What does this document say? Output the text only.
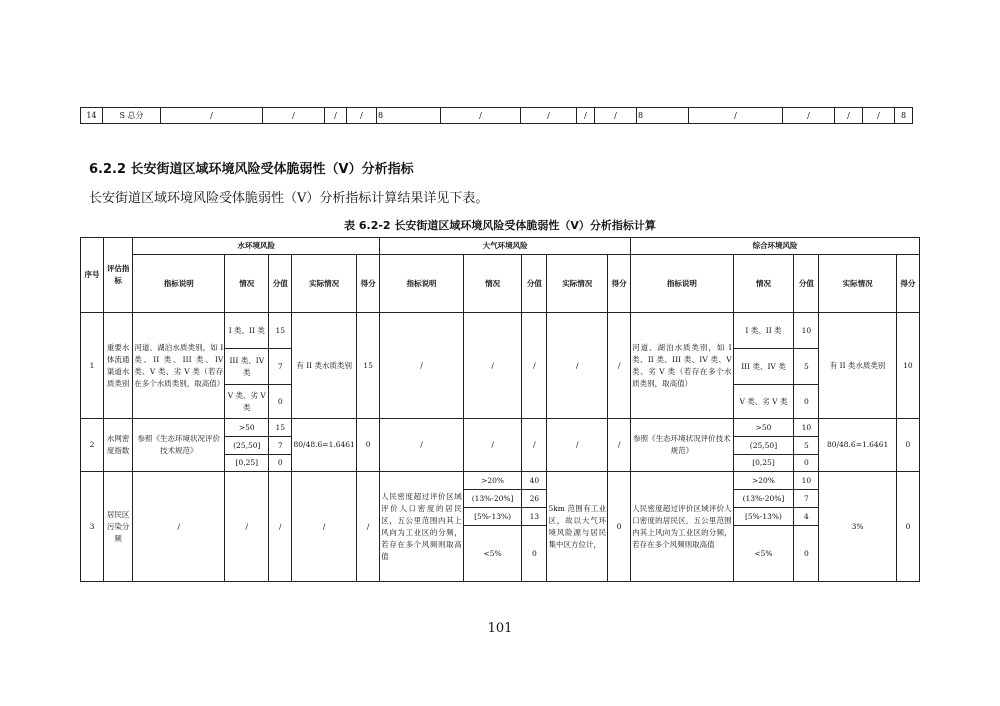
14	S 总分	/	/	/	/	8	/	/	/	/	8	/	/	/	/	8
6.2.2 长安街道区域环境风险受体脆弱性（V）分析指标
长安街道区域环境风险受体脆弱性（V）分析指标计算结果详见下表。
表 6.2-2 长安街道区域环境风险受体脆弱性（V）分析指标计算
序号	评估指标	水环境风险					大气环境风险					综合环境风险				
		指标说明	情况	分值	实际情况	得分	指标说明	情况	分值	实际情况	得分	指标说明	情况	分值	实际情况	得分
1	重要水体流通渠道水质类别	河道、湖泊水质类别，如 I 类、II 类、III 类、IV 类、V 类、劣 V 类（若存在多个水质类别，取高值）	I 类、II 类	15	有 II 类水质类别	15	/	/	/	/	/	河道、湖泊水质类别，如 I 类、II 类、III 类、IV 类、V 类、劣 V 类（若存在多个水质类别，取高值）	I 类、II 类	10	有 II 类水质类别	10
			III 类、IV 类	7									III 类、IV 类	5		
			V 类、劣 V 类	0									V 类、劣 V 类	0		
2	水网密度指数	参照《生态环境状况评价技术规范》	>50	15	80/48.6=1.6461	0	/	/	/	/	/	参照《生态环境状况评价技术规范》	>50	10	80/48.6=1.6461	0
			(25,50]	7									(25,50]	5		
			[0,25]	0									[0,25]	0		
3	居民区污染分频	/	/	/	/	/	人民密度超过评价区域评价人口密度的居民区，五公里范围内其上风向为工业区的分频，若存在多个风频则取高值	>20%	40	5km 范围有工业区，故以大气环境风险源与居民集中区方位计，	0	人民密度超过评价区域评价人口密度的居民区，五公里范围内其上风向为工业区的分频，若存在多个风频则取高值	>20%	10	3%	0
								(13%-20%]	26				(13%-20%]	7		
								[5%-13%)	13				[5%-13%)	4		
								<5%	0				<5%	0		
101
